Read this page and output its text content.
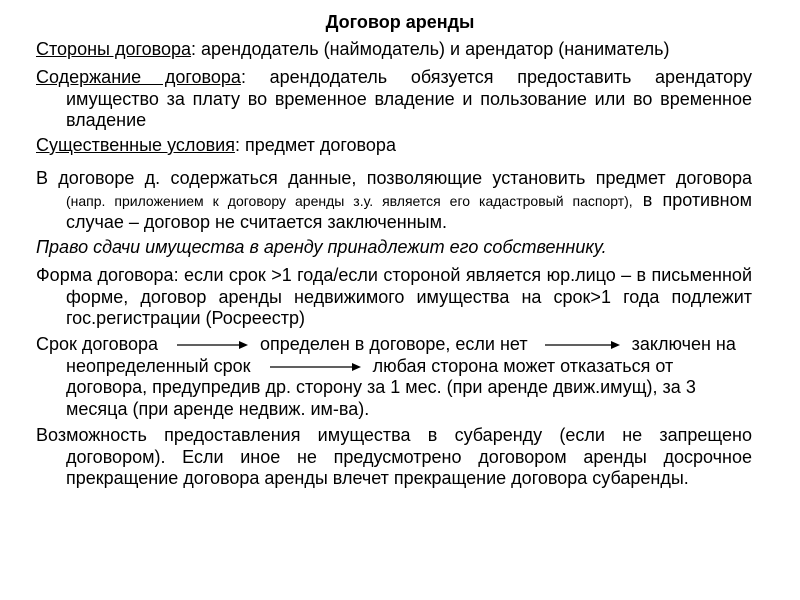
Договор аренды
Стороны договора: арендодатель (наймодатель) и арендатор (наниматель)
Содержание договора: арендодатель обязуется предоставить арендатору имущество за плату во временное владение и пользование или во временное владение
Существенные условия: предмет договора
В договоре д. содержаться данные, позволяющие установить предмет договора (напр. приложением к договору аренды з.у. является его кадастровый паспорт), в противном случае – договор не считается заключенным.
Право сдачи имущества в аренду принадлежит его собственнику.
Форма договора: если срок >1 года/если стороной является юр.лицо – в письменной форме, договор аренды недвижимого имущества на срок>1 года подлежит гос.регистрации (Росреестр)
Срок договора	определен в договоре, если нет	заключен на неопределенный срок	любая сторона может отказаться от договора, предупредив др. сторону за 1 мес. (при аренде движ.имущ), за 3 месяца (при аренде недвиж. им-ва).
Возможность предоставления имущества в субаренду (если не запрещено договором). Если иное не предусмотрено договором аренды досрочное прекращение договора аренды влечет прекращение договора субаренды.
